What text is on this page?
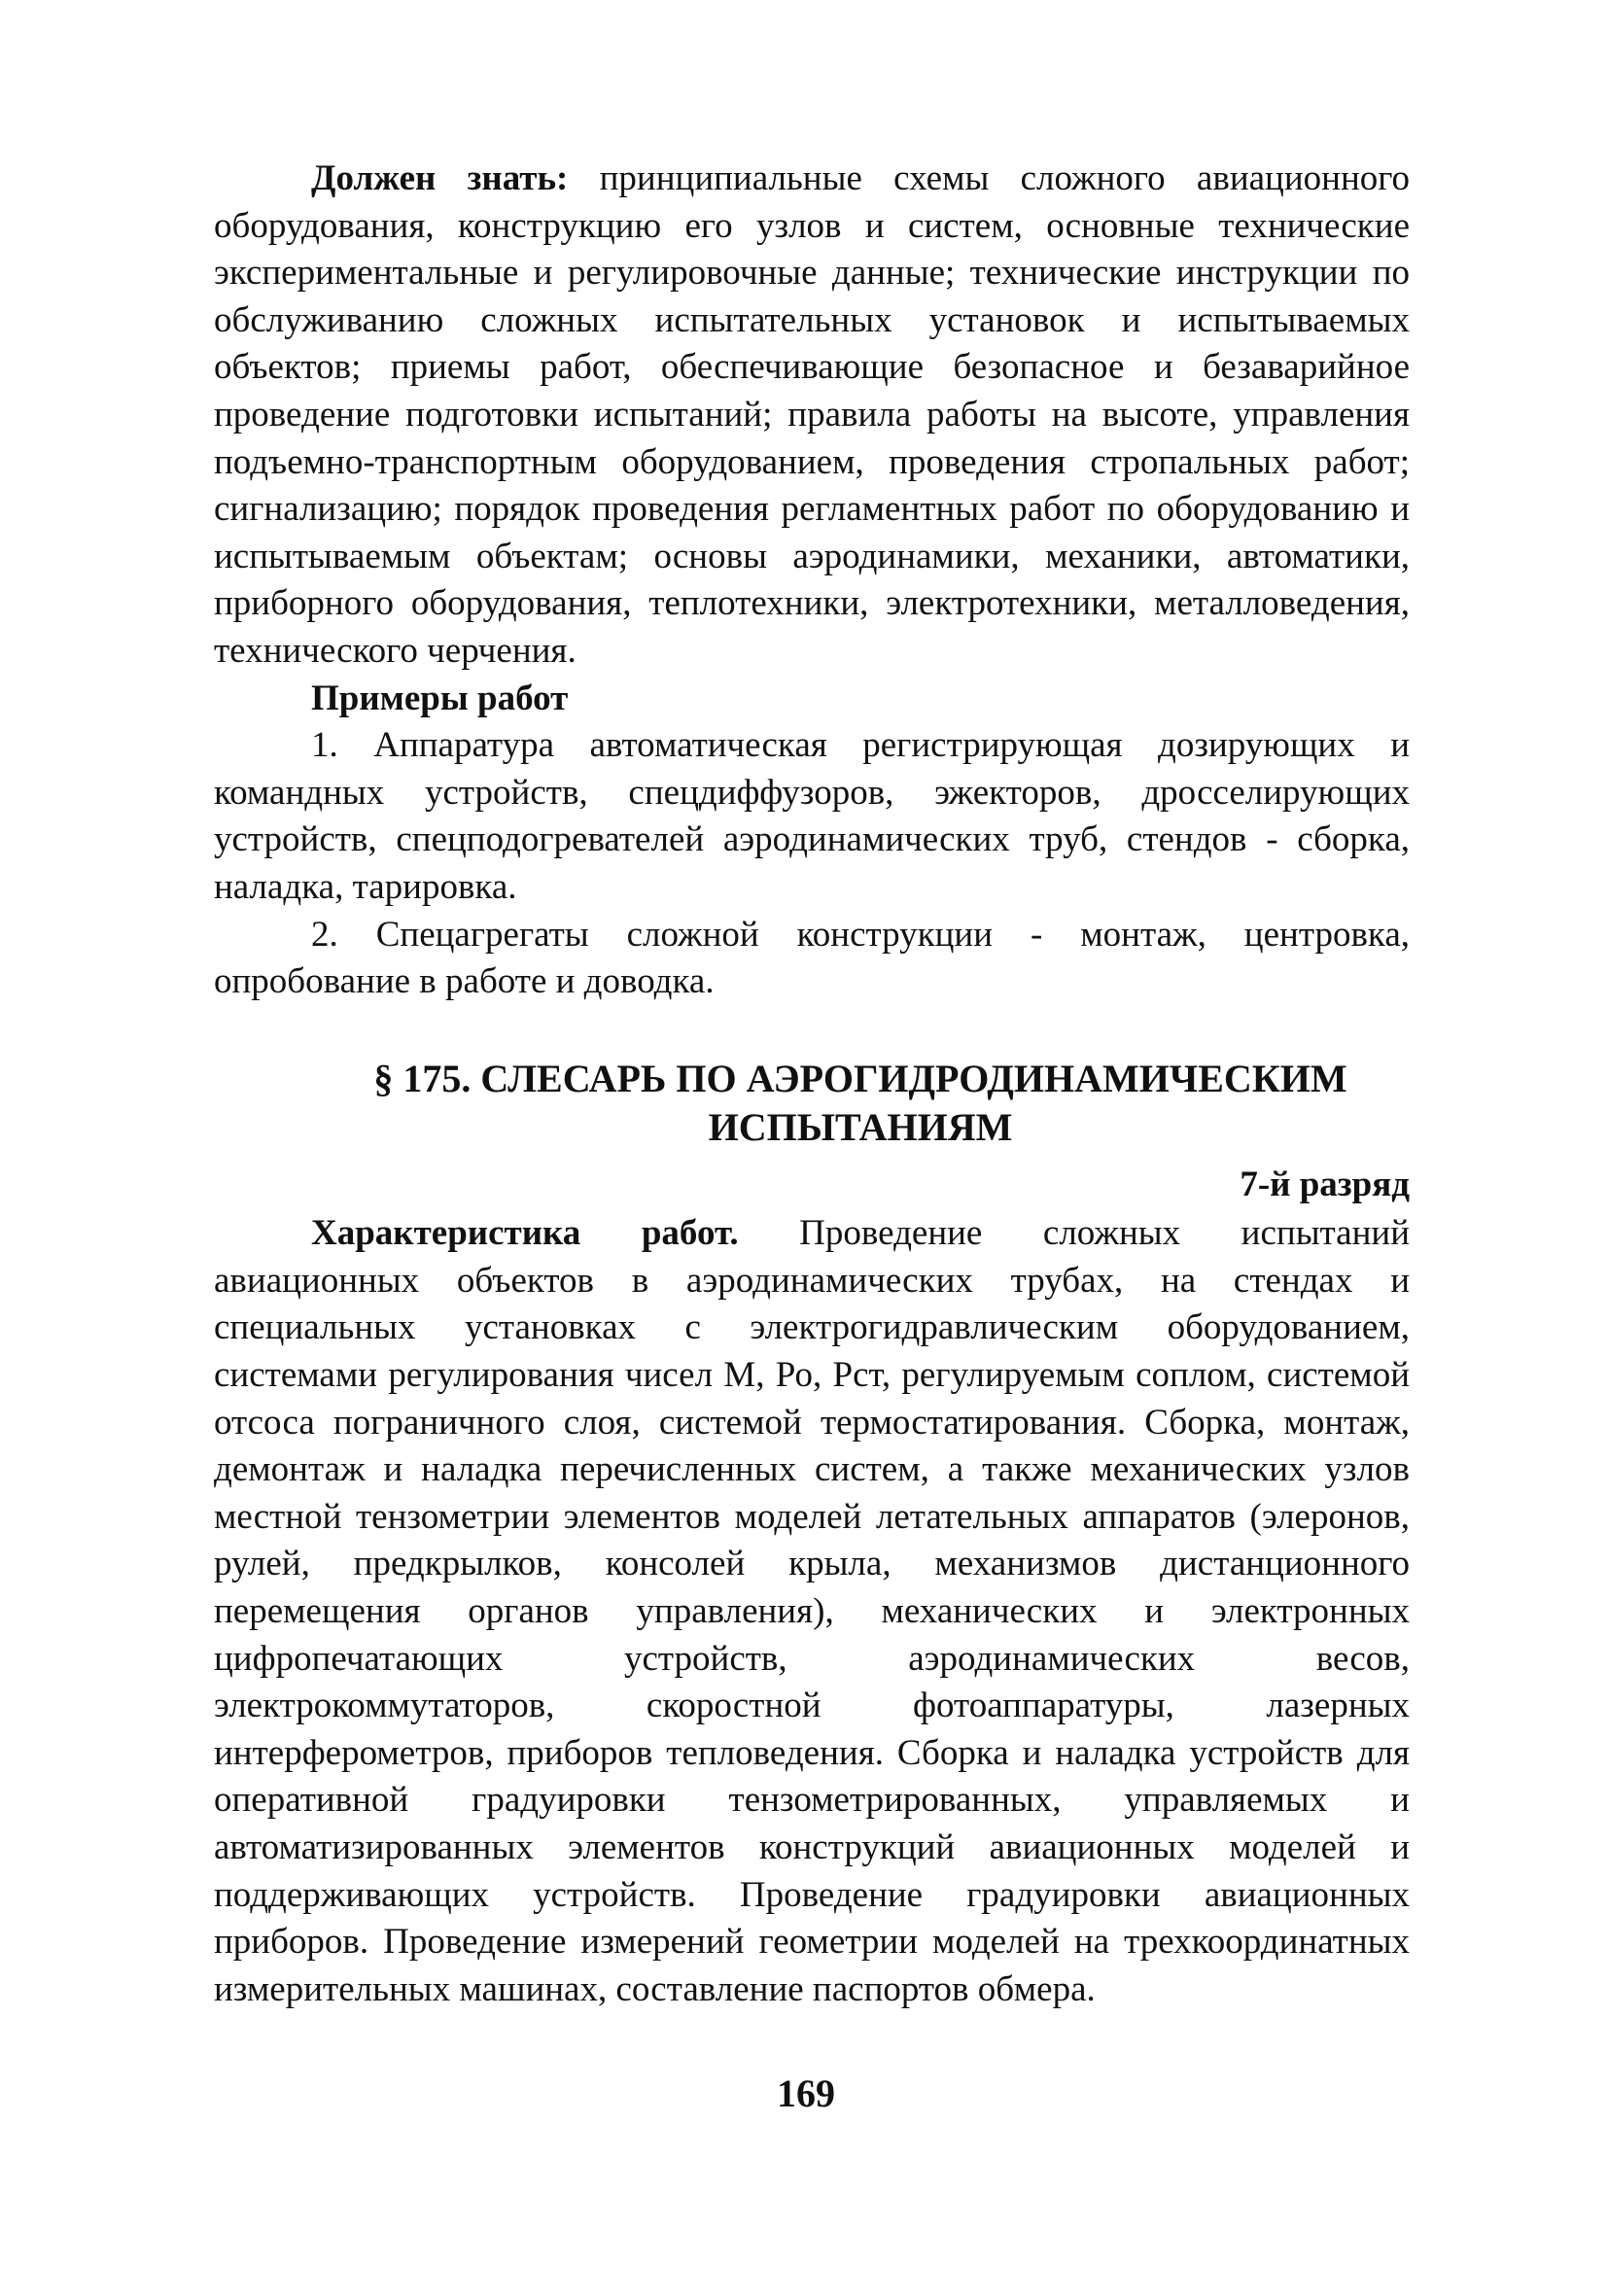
Должен знать: принципиальные схемы сложного авиационного оборудования, конструкцию его узлов и систем, основные технические экспериментальные и регулировочные данные; технические инструкции по обслуживанию сложных испытательных установок и испытываемых объектов; приемы работ, обеспечивающие безопасное и безаварийное проведение подготовки испытаний; правила работы на высоте, управления подъемно-транспортным оборудованием, проведения стропальных работ; сигнализацию; порядок проведения регламентных работ по оборудованию и испытываемым объектам; основы аэродинамики, механики, автоматики, приборного оборудования, теплотехники, электротехники, металловедения, технического черчения.

Примеры работ

1. Аппаратура автоматическая регистрирующая дозирующих и командных устройств, спецдиффузоров, эжекторов, дросселирующих устройств, спецподогревателей аэродинамических труб, стендов - сборка, наладка, тарировка.

2. Спецагрегаты сложной конструкции - монтаж, центровка, опробование в работе и доводка.

§ 175. СЛЕСАРЬ ПО АЭРОГИДРОДИНАМИЧЕСКИМ
ИСПЫТАНИЯМ

7-й разряд

Характеристика работ. Проведение сложных испытаний авиационных объектов в аэродинамических трубах, на стендах и специальных установках с электрогидравлическим оборудованием, системами регулирования чисел М, Ро, Рст, регулируемым соплом, системой отсоса пограничного слоя, системой термостатирования. Сборка, монтаж, демонтаж и наладка перечисленных систем, а также механических узлов местной тензометрии элементов моделей летательных аппаратов (элеронов, рулей, предкрылков, консолей крыла, механизмов дистанционного перемещения органов управления), механических и электронных цифропечатающих устройств, аэродинамических весов, электрокоммутаторов, скоростной фотоаппаратуры, лазерных интерферометров, приборов тепловедения. Сборка и наладка устройств для оперативной градуировки тензометрированных, управляемых и автоматизированных элементов конструкций авиационных моделей и поддерживающих устройств. Проведение градуировки авиационных приборов. Проведение измерений геометрии моделей на трехкоординатных измерительных машинах, составление паспортов обмера.

169
